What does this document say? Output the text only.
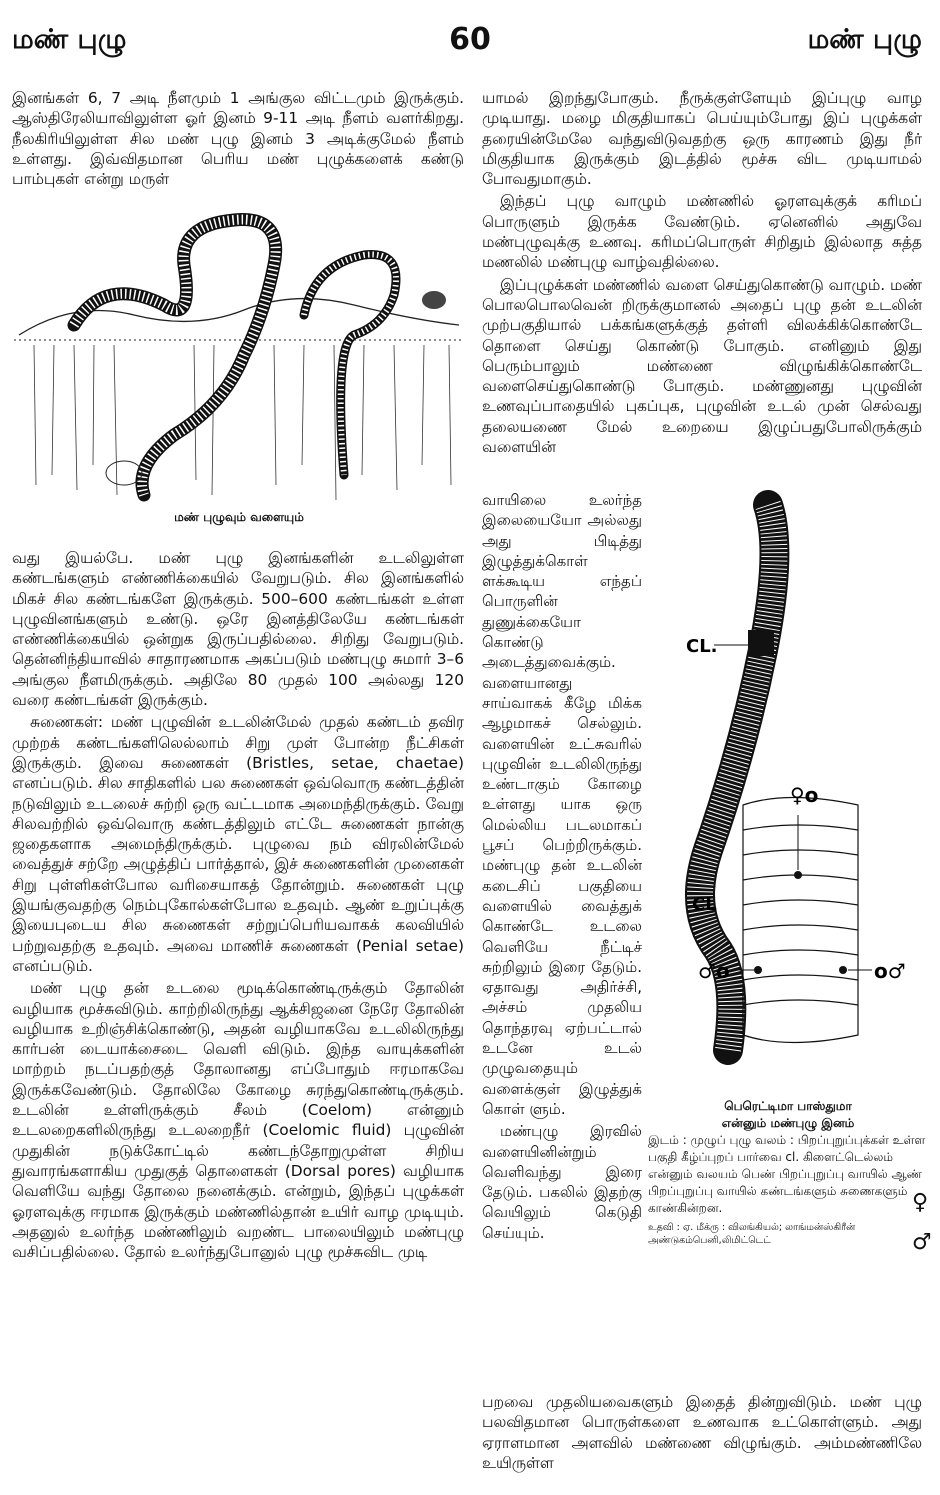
மண் புழு	60	மண் புழு

இனங்கள் 6, 7 அடி நீளமும் 1 அங்குல விட்டமும் இருக்கும். ஆஸ்திரேலியாவிலுள்ள ஓர் இனம் 9-11 அடி நீளம் வளர்கிறது. நீலகிரியிலுள்ள சில மண் புழு இனம் 3 அடிக்குமேல் நீளம் உள்ளது. இவ்விதமான பெரிய மண் புழுக்களைக் கண்டு பாம்புகள் என்று மருள்

மண் புழுவும் வளையும்

வது இயல்பே. மண் புழு இனங்களின் உடலிலுள்ள கண்டங்களும் எண்ணிக்கையில் வேறுபடும். சில இனங்களில் மிகச் சில கண்டங்களே இருக்கும். 500–600 கண்டங்கள் உள்ள புழுவினங்களும் உண்டு. ஒரே இனத்திலேயே கண்டங்கள் எண்ணிக்கையில் ஒன்றுக இருப்பதில்லை. சிறிது வேறுபடும். தென்னிந்தியாவில் சாதாரணமாக அகப்படும் மண்புழு சுமார் 3–6 அங்குல நீளமிருக்கும். அதிலே 80 முதல் 100 அல்லது 120 வரை கண்டங்கள் இருக்கும்.

சுணைகள்: மண் புழுவின் உடலின்மேல் முதல் கண்டம் தவிர முற்றக் கண்டங்களிலெல்லாம் சிறு முள் போன்ற நீட்சிகள் இருக்கும். இவை சுணைகள் (Bristles, setae, chaetae) எனப்படும். சில சாதிகளில் பல சுணைகள் ஒவ்வொரு கண்டத்தின் நடுவிலும் உடலைச் சுற்றி ஒரு வட்டமாக அமைந்திருக்கும். வேறு சிலவற்றில் ஒவ்வொரு கண்டத்திலும் எட்டே சுணைகள் நான்கு ஜதைகளாக அமைந்திருக்கும். புழுவை நம் விரலின்மேல் வைத்துச் சற்றே அழுத்திப் பார்த்தால், இச் சுணைகளின் முனைகள் சிறு புள்ளிகள்போல வரிசையாகத் தோன்றும். சுணைகள் புழு இயங்குவதற்கு நெம்புகோல்கள்போல உதவும். ஆண் உறுப்புக்கு இயைபுடைய சில சுணைகள் சற்றுப்பெரியவாகக் கலவியில் பற்றுவதற்கு உதவும். அவை மாணிச் சுணைகள் (Penial setae) எனப்படும்.

மண் புழு தன் உடலை மூடிக்கொண்டிருக்கும் தோலின் வழியாக மூச்சுவிடும். காற்றிலிருந்து ஆக்சிஜனை நேரே தோலின் வழியாக உறிஞ்சிக்கொண்டு, அதன் வழியாகவே உடலிலிருந்து கார்பன் டையாக்சைடை வெளி விடும். இந்த வாயுக்களின் மாற்றம் நடப்பதற்குத் தோலானது எப்போதும் ஈரமாகவே இருக்கவேண்டும். தோலிலே கோழை சுரந்துகொண்டிருக்கும். உடலின் உள்ளிருக்கும் சீலம் (Coelom) என்னும் உடலறைகளிலிருந்து உடலறைநீர் (Coelomic fluid) புழுவின் முதுகின் நடுக்கோட்டில் கண்டந்தோறுமுள்ள சிறிய துவாரங்களாகிய முதுகுத் தொளைகள் (Dorsal pores) வழியாக வெளியே வந்து தோலை நனைக்கும். என்றும், இந்தப் புழுக்கள் ஓரளவுக்கு ஈரமாக இருக்கும் மண்ணில்தான் உயிர் வாழ முடியும். அதனுல் உலர்ந்த மண்ணிலும் வறண்ட பாலையிலும் மண்புழு வசிப்பதில்லை. தோல் உலர்ந்துபோனுல் புழு மூச்சுவிட முடி

யாமல் இறந்துபோகும். நீருக்குள்ளேயும் இப்புழு வாழ முடியாது. மழை மிகுதியாகப் பெய்யும்போது இப் புழுக்கள் தரையின்மேலே வந்துவிடுவதற்கு ஒரு காரணம் இது நீர் மிகுதியாக இருக்கும் இடத்தில் மூச்சு விட முடியாமல் போவதுமாகும்.

இந்தப் புழு வாழும் மண்ணில் ஓரளவுக்குக் கரிமப் பொருளும் இருக்க வேண்டும். ஏனெனில் அதுவே மண்புழுவுக்கு உணவு. கரிமப்பொருள் சிறிதும் இல்லாத சுத்த மணலில் மண்புழு வாழ்வதில்லை.

இப்புழுக்கள் மண்ணில் வளை செய்துகொண்டு வாழும். மண் பொலபொலவென் றிருக்குமானல் அதைப் புழு தன் உடலின் முற்பகுதியால் பக்கங்களுக்குத் தள்ளி விலக்கிக்கொண்டே தொளை செய்து கொண்டு போகும். எனினும் இது பெரும்பாலும் மண்ணை விழுங்கிக்கொண்டே வளைசெய்துகொண்டு போகும். மண்ணுனது புழுவின் உணவுப்பாதையில் புகப்புக, புழுவின் உடல் முன் செல்வது தலையணை மேல் உறையை இழுப்பதுபோலிருக்கும் வளையின்

வாயிலை உலர்ந்த இலையையோ அல்லது அது பிடித்து இழுத்துக்கொள் ளக்கூடிய எந்தப் பொருளின் துணுக்கையோ கொண்டு அடைத்துவைக்கும். வளையானது சாய்வாகக் கீழே மிக்க ஆழமாகச் செல்லும். வளையின் உட்சுவரில் புழுவின் உடலிலிருந்து உண்டாகும் கோழை உள்ளது யாக ஒரு மெல்லிய படலமாகப் பூசப் பெற்றிருக்கும். மண்புழு தன் உடலின் கடைசிப் பகுதியை வளையில் வைத்துக் கொண்டே உடலை வெளியே நீட்டிச் சுற்றிலும் இரை தேடும். ஏதாவது அதிர்ச்சி, அச்சம் முதலிய தொந்தரவு ஏற்பட்டால் உடனே உடல் முழுவதையும் வளைக்குள் இழுத்துக் கொள் ளும்.

மண்புழு இரவில் வளையினின்றும் வெளிவந்து இரை தேடும். பகலில் இதற்கு வெயிலும் கெடுதி செய்யும்.

CL.
♀o
CL
♂o	o♂
பெரெட்டிமா பாஸ்துமா
என்னும் மண்புழு இனம்
இடம் : முழுப் புழு வலம் : பிறப்புறுப்புக்கள் உள்ள பகுதி கீழ்ப்புறப் பார்வை cl. கிளைட்டெல்லம் என்னும் வலயம் பெண் பிறப்புறுப்பு வாயில் ஆண் பிறப்புறுப்பு வாயில் கண்டங்களும் சுணைகளும் காண்கின்றன.
உதவி : ஏ. மீக்ரு : விலங்கியல்; லாங்மன்ஸ்கிரீன் அண்டுகம்பெனி,லிமிட்டெட்
♀
♂

பறவை முதலியவைகளும் இதைத் தின்றுவிடும். மண் புழு பலவிதமான பொருள்களை உணவாக உட்கொள்ளும். அது ஏராளமான அளவில் மண்ணை விழுங்கும். அம்மண்ணிலே உயிருள்ள
